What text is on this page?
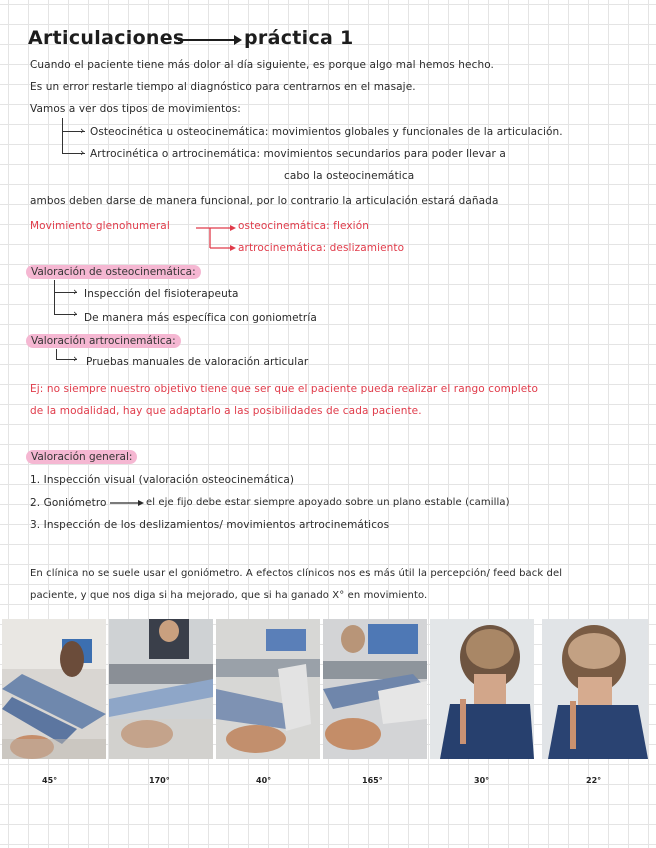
Articulaciones	práctica 1
Cuando el paciente tiene más dolor al día siguiente, es porque algo mal hemos hecho.
Es un error restarle tiempo al diagnóstico para centrarnos en el masaje.
Vamos a ver dos tipos de movimientos:
›
›
Osteocinética u osteocinemática: movimientos globales y funcionales de la articulación.
Artrocinética o artrocinemática: movimientos secundarios para poder llevar a
cabo la osteocinemática
ambos deben darse de manera funcional, por lo contrario la articulación estará dañada
Movimiento glenohumeral	osteocinemática: flexión
artrocinemática: deslizamiento
Valoración de osteocinemática:
›
›
Inspección del fisioterapeuta
De manera más específica con goniometría
Valoración artrocinemática:
› Pruebas manuales de valoración articular
Ej: no siempre nuestro objetivo tiene que ser que el paciente pueda realizar el rango completo
de la modalidad, hay que adaptarlo a las posibilidades de cada paciente.
Valoración general:
1. Inspección visual (valoración osteocinemática)
2. Goniómetro	el eje fijo debe estar siempre apoyado sobre un plano estable (camilla)
3. Inspección de los deslizamientos/ movimientos artrocinemáticos
En clínica no se suele usar el goniómetro. A efectos clínicos nos es más útil la percepción/ feed back del
paciente, y que nos diga si ha mejorado, que si ha ganado X° en movimiento.
45°	170°	40°	165°	30°	22°
